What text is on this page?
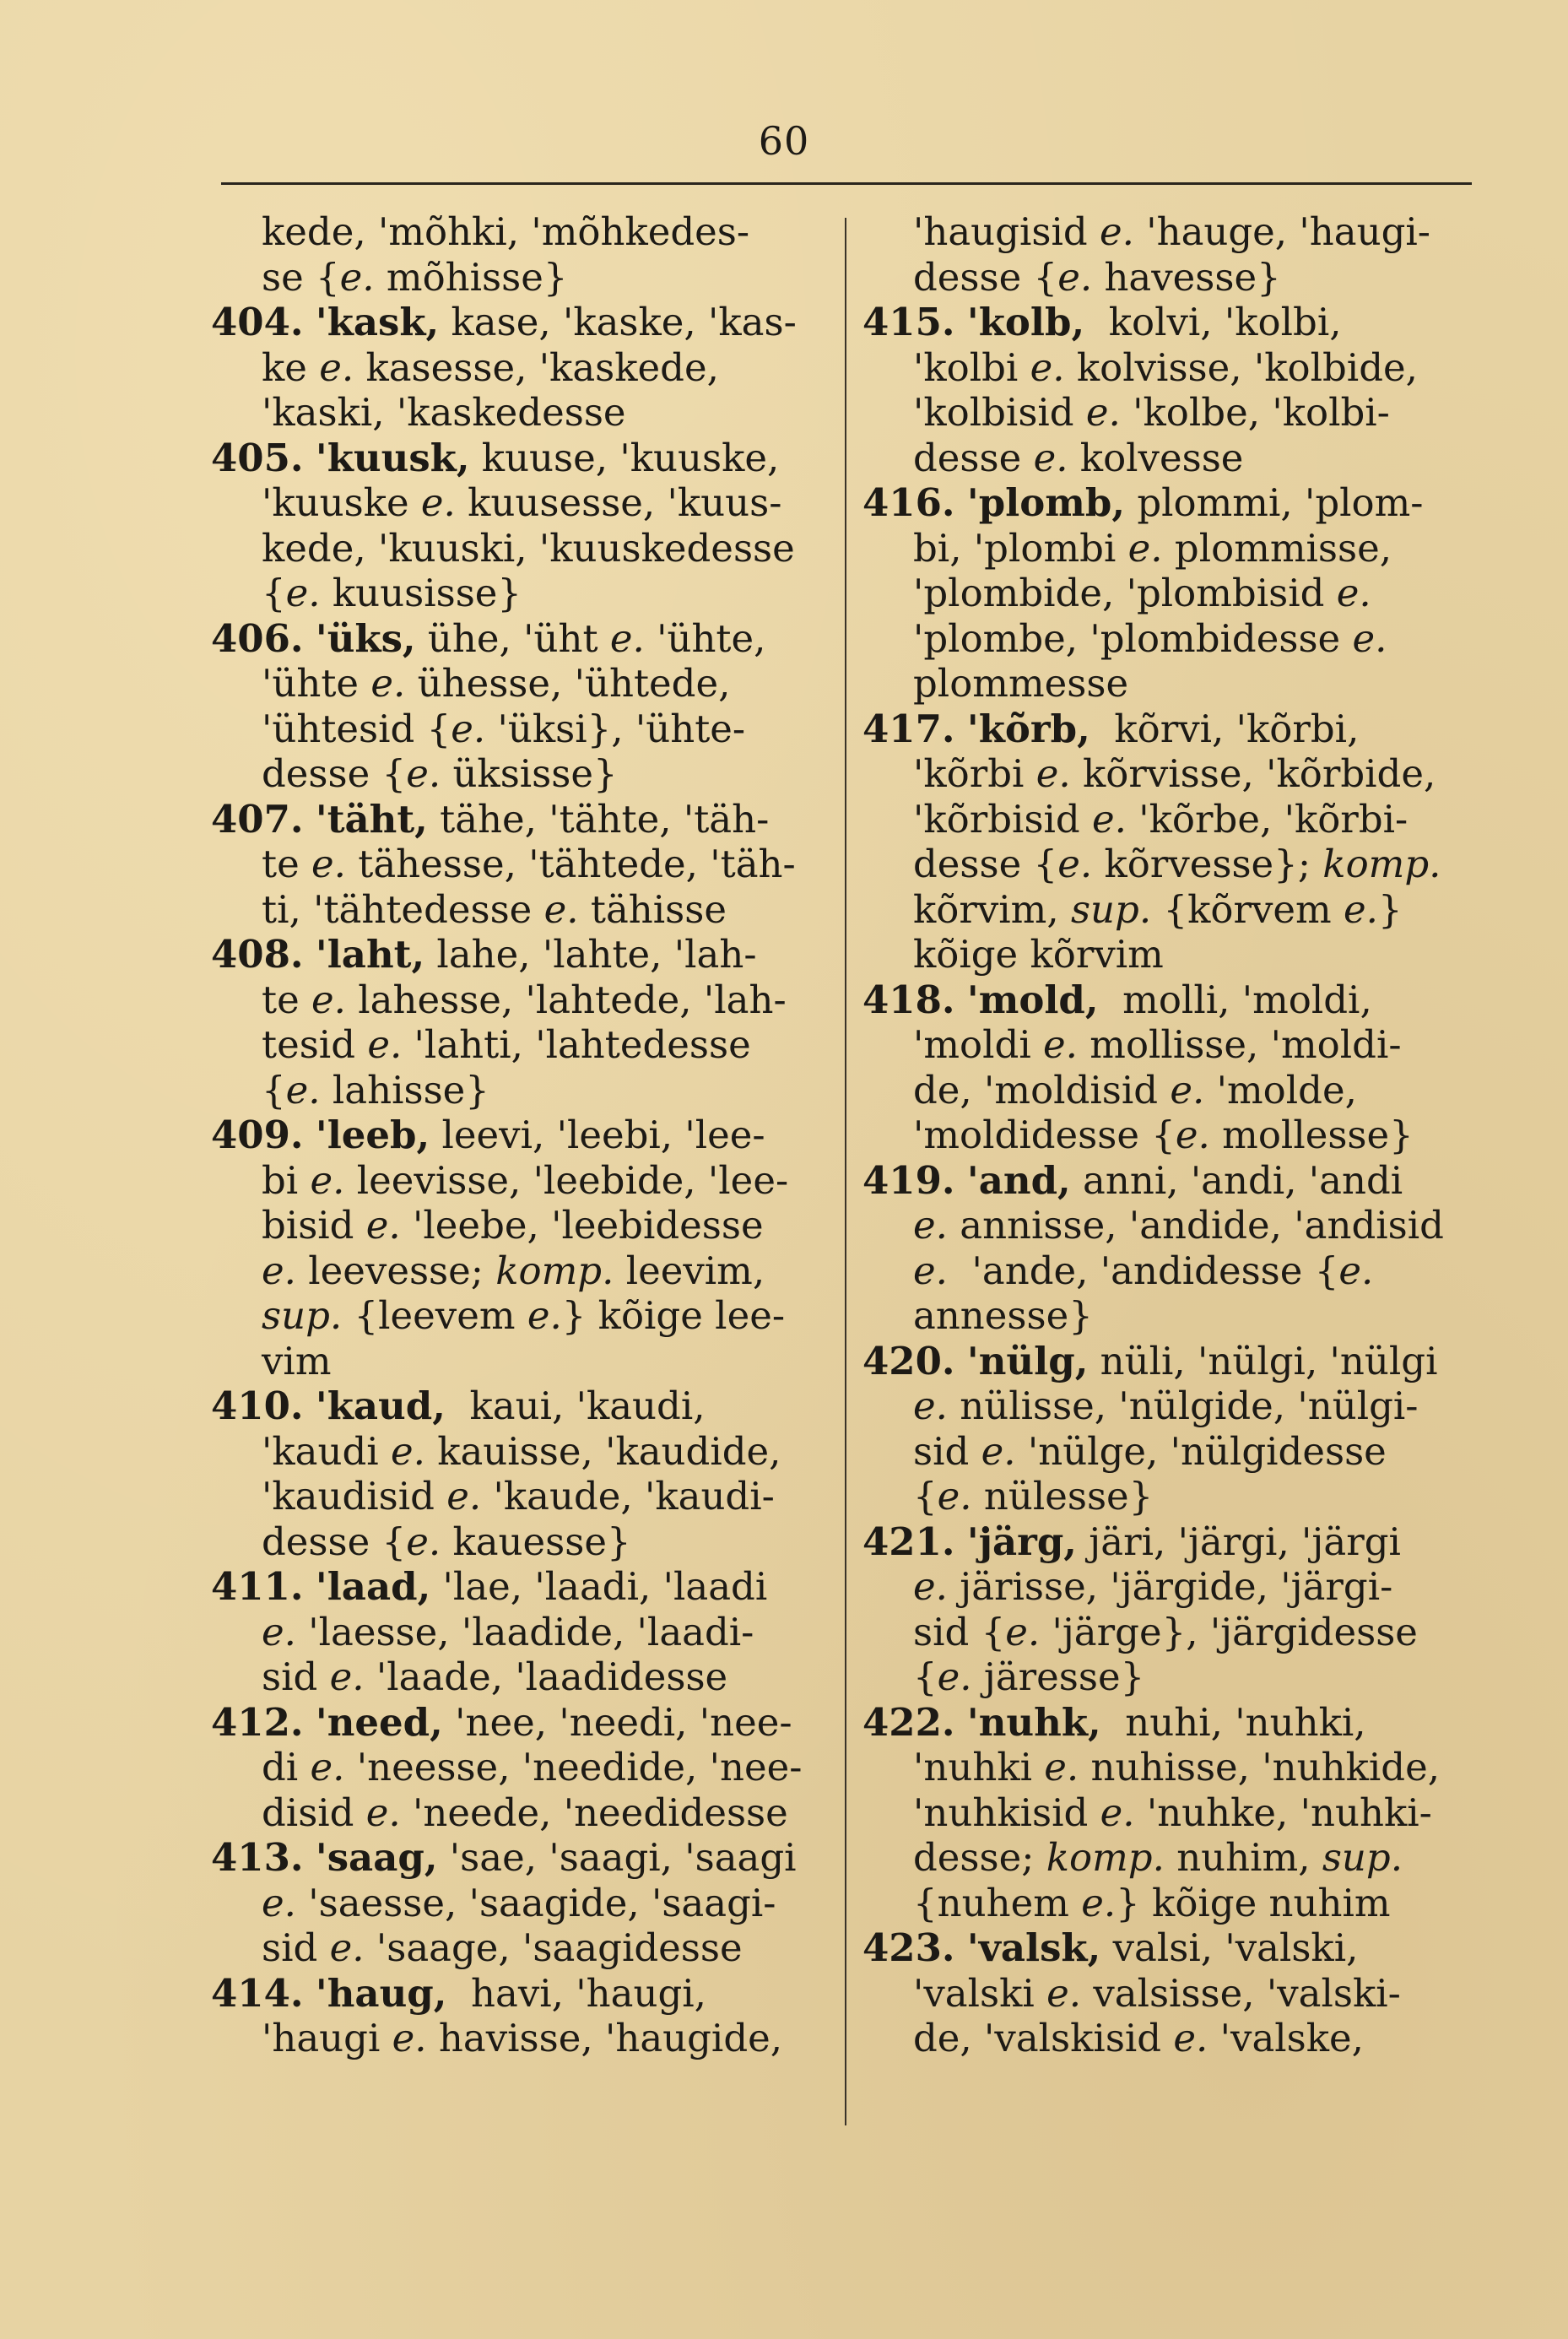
60
kede, 'mõhki, 'mõhkedes-
se {e. mõhisse}
404. 'kask, kase, 'kaske, 'kas-
ke e. kasesse, 'kaskede,
'kaski, 'kaskedesse
405. 'kuusk, kuuse, 'kuuske,
'kuuske e. kuusesse, 'kuus-
kede, 'kuuski, 'kuuskedesse
{e. kuusisse}
406. 'üks, ühe, 'üht e. 'ühte,
'ühte e. ühesse, 'ühtede,
'ühtesid {e. 'üksi}, 'ühte-
desse {e. üksisse}
407. 'täht, tähe, 'tähte, 'täh-
te e. tähesse, 'tähtede, 'täh-
ti, 'tähtedesse e. tähisse
408. 'laht, lahe, 'lahte, 'lah-
te e. lahesse, 'lahtede, 'lah-
tesid e. 'lahti, 'lahtedesse
{e. lahisse}
409. 'leeb, leevi, 'leebi, 'lee-
bi e. leevisse, 'leebide, 'lee-
bisid e. 'leebe, 'leebidesse
e. leevesse; komp. leevim,
sup. {leevem e.} kõige lee-
vim
410. 'kaud,  kaui, 'kaudi,
'kaudi e. kauisse, 'kaudide,
'kaudisid e. 'kaude, 'kaudi-
desse {e. kauesse}
411. 'laad, 'lae, 'laadi, 'laadi
e. 'laesse, 'laadide, 'laadi-
sid e. 'laade, 'laadidesse
412. 'need, 'nee, 'needi, 'nee-
di e. 'neesse, 'needide, 'nee-
disid e. 'neede, 'needidesse
413. 'saag, 'sae, 'saagi, 'saagi
e. 'saesse, 'saagide, 'saagi-
sid e. 'saage, 'saagidesse
414. 'haug,  havi, 'haugi,
'haugi e. havisse, 'haugide,
'haugisid e. 'hauge, 'haugi-
desse {e. havesse}
415. 'kolb,  kolvi, 'kolbi,
'kolbi e. kolvisse, 'kolbide,
'kolbisid e. 'kolbe, 'kolbi-
desse e. kolvesse
416. 'plomb, plommi, 'plom-
bi, 'plombi e. plommisse,
'plombide, 'plombisid e.
'plombe, 'plombidesse e.
plommesse
417. 'kõrb,  kõrvi, 'kõrbi,
'kõrbi e. kõrvisse, 'kõrbide,
'kõrbisid e. 'kõrbe, 'kõrbi-
desse {e. kõrvesse}; komp.
kõrvim, sup. {kõrvem e.}
kõige kõrvim
418. 'mold,  molli, 'moldi,
'moldi e. mollisse, 'moldi-
de, 'moldisid e. 'molde,
'moldidesse {e. mollesse}
419. 'and, anni, 'andi, 'andi
e. annisse, 'andide, 'andisid
e.  'ande, 'andidesse {e.
annesse}
420. 'nülg, nüli, 'nülgi, 'nülgi
e. nülisse, 'nülgide, 'nülgi-
sid e. 'nülge, 'nülgidesse
{e. nülesse}
421. 'järg, järi, 'järgi, 'järgi
e. järisse, 'järgide, 'järgi-
sid {e. 'järge}, 'järgidesse
{e. järesse}
422. 'nuhk,  nuhi, 'nuhki,
'nuhki e. nuhisse, 'nuhkide,
'nuhkisid e. 'nuhke, 'nuhki-
desse; komp. nuhim, sup.
{nuhem e.} kõige nuhim
423. 'valsk, valsi, 'valski,
'valski e. valsisse, 'valski-
de, 'valskisid e. 'valske,
